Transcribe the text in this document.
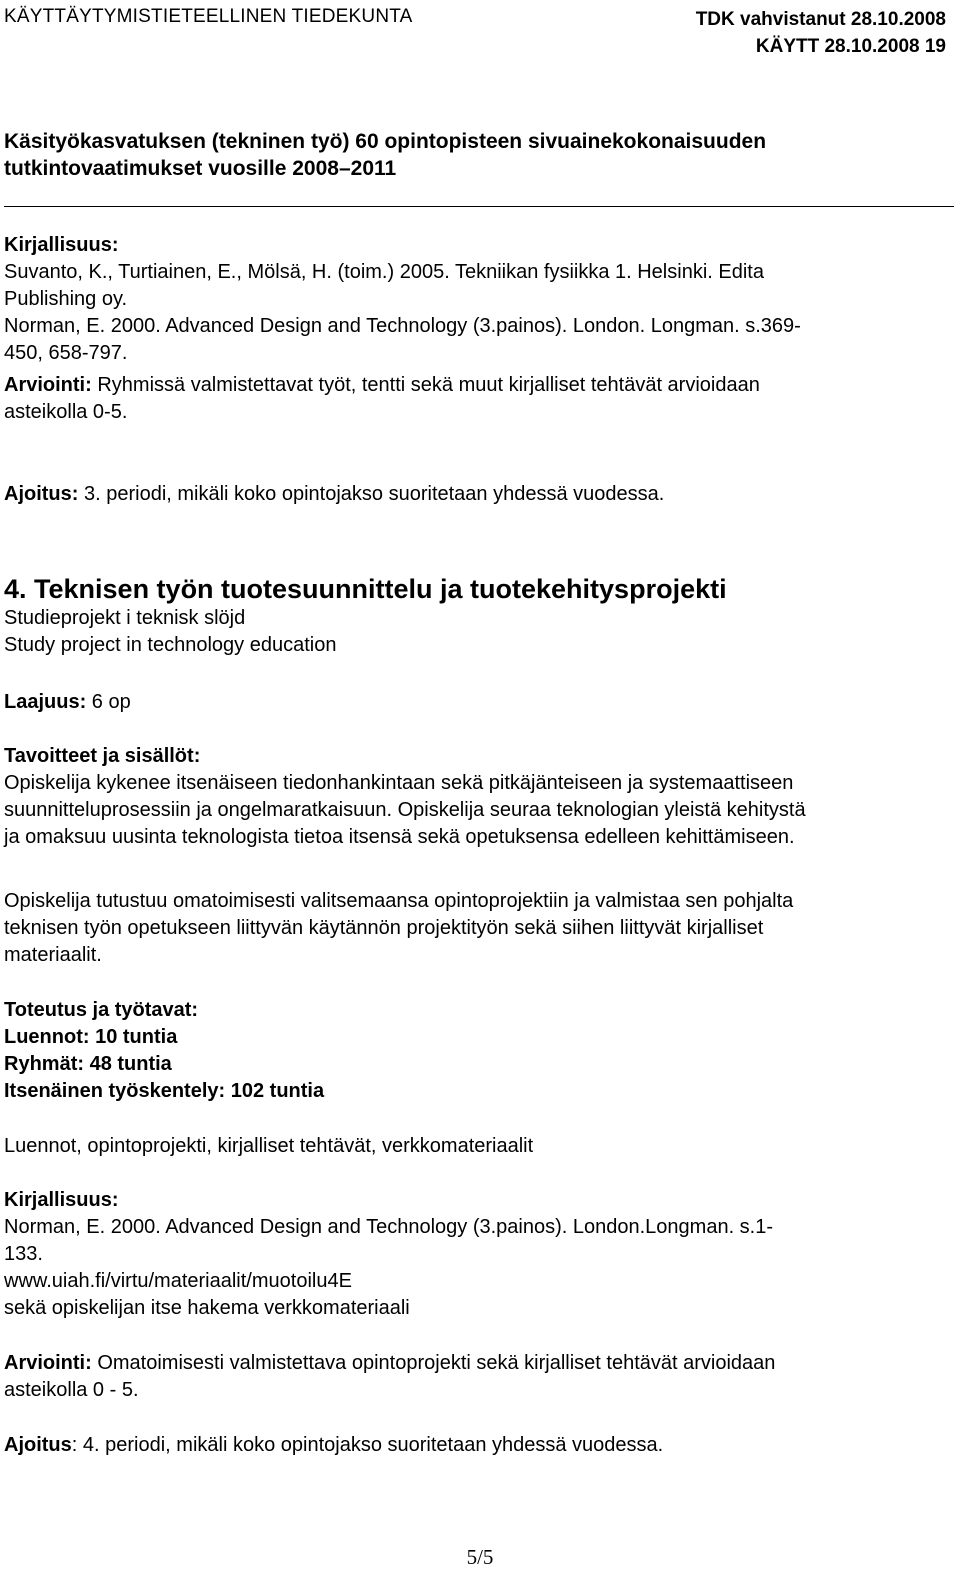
KÄYTTÄYTYMISTIETEELLINEN TIEDEKUNTA	TDK vahvistanut 28.10.2008
KÄYTT 28.10.2008 19
Käsityökasvatuksen (tekninen työ) 60 opintopisteen sivuainekokonaisuuden
tutkintovaatimukset vuosille 2008–2011
Kirjallisuus:
Suvanto, K., Turtiainen, E., Mölsä, H. (toim.) 2005. Tekniikan fysiikka 1. Helsinki. Edita
Publishing oy.
Norman, E. 2000. Advanced Design and Technology (3.painos). London. Longman. s.369-
450, 658-797.
Arviointi: Ryhmissä valmistettavat työt, tentti sekä muut kirjalliset tehtävät arvioidaan
asteikolla 0-5.
Ajoitus: 3. periodi, mikäli koko opintojakso suoritetaan yhdessä vuodessa.
4. Teknisen työn tuotesuunnittelu ja tuotekehitysprojekti
Studieprojekt i teknisk slöjd
Study project in technology education
Laajuus: 6 op
Tavoitteet ja sisällöt:
Opiskelija kykenee itsenäiseen tiedonhankintaan sekä pitkäjänteiseen ja systemaattiseen
suunnitteluprosessiin ja ongelmaratkaisuun. Opiskelija seuraa teknologian yleistä kehitystä
ja omaksuu uusinta teknologista tietoa itsensä sekä opetuksensa edelleen kehittämiseen.
Opiskelija tutustuu omatoimisesti valitsemaansa opintoprojektiin ja valmistaa sen pohjalta
teknisen työn opetukseen liittyvän käytännön projektityön sekä siihen liittyvät kirjalliset
materiaalit.
Toteutus ja työtavat:
Luennot: 10 tuntia
Ryhmät: 48 tuntia
Itsenäinen työskentely: 102 tuntia
Luennot, opintoprojekti, kirjalliset tehtävät, verkkomateriaalit
Kirjallisuus:
Norman, E. 2000. Advanced Design and Technology (3.painos). London.Longman. s.1-
133.
www.uiah.fi/virtu/materiaalit/muotoilu4E
sekä opiskelijan itse hakema verkkomateriaali
Arviointi: Omatoimisesti valmistettava opintoprojekti sekä kirjalliset tehtävät arvioidaan
asteikolla 0 - 5.
Ajoitus: 4. periodi, mikäli koko opintojakso suoritetaan yhdessä vuodessa.
5/5
